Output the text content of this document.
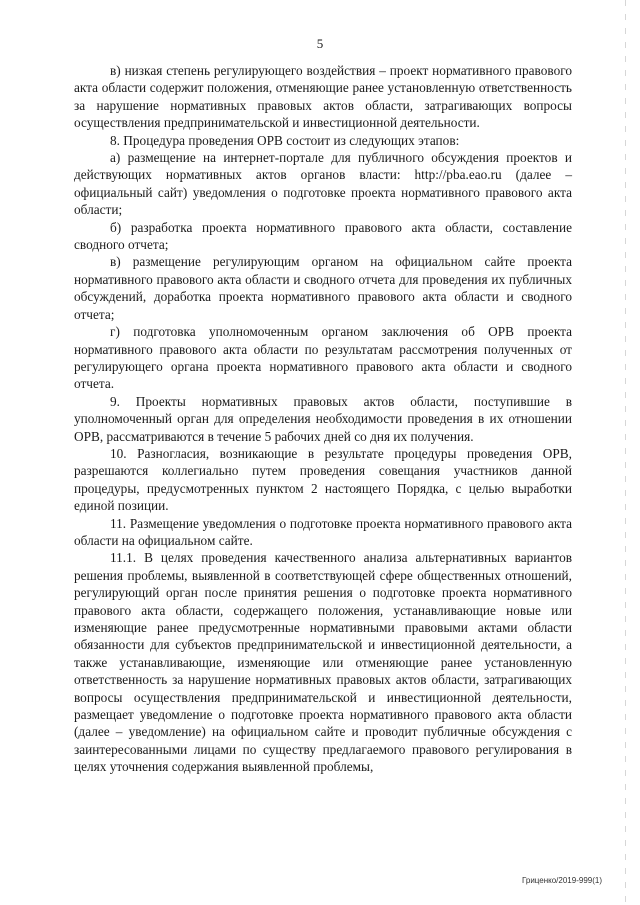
5

в) низкая степень регулирующего воздействия – проект нормативного правового акта области содержит положения, отменяющие ранее установленную ответственность за нарушение нормативных правовых актов области, затрагивающих вопросы осуществления предпринимательской и инвестиционной деятельности.

8. Процедура проведения ОРВ состоит из следующих этапов:

а) размещение на интернет-портале для публичного обсуждения проектов и действующих нормативных актов органов власти: http://pba.eao.ru (далее – официальный сайт) уведомления о подготовке проекта нормативного правового акта области;

б) разработка проекта нормативного правового акта области, составление сводного отчета;

в) размещение регулирующим органом на официальном сайте проекта нормативного правового акта области и сводного отчета для проведения их публичных обсуждений, доработка проекта нормативного правового акта области и сводного отчета;

г) подготовка уполномоченным органом заключения об ОРВ проекта нормативного правового акта области по результатам рассмотрения полученных от регулирующего органа проекта нормативного правового акта области и сводного отчета.

9. Проекты нормативных правовых актов области, поступившие в уполномоченный орган для определения необходимости проведения в их отношении ОРВ, рассматриваются в течение 5 рабочих дней со дня их получения.

10. Разногласия, возникающие в результате процедуры проведения ОРВ, разрешаются коллегиально путем проведения совещания участников данной процедуры, предусмотренных пунктом 2 настоящего Порядка, с целью выработки единой позиции.

11. Размещение уведомления о подготовке проекта нормативного правового акта области на официальном сайте.

11.1. В целях проведения качественного анализа альтернативных вариантов решения проблемы, выявленной в соответствующей сфере общественных отношений, регулирующий орган после принятия решения о подготовке проекта нормативного правового акта области, содержащего положения, устанавливающие новые или изменяющие ранее предусмотренные нормативными правовыми актами области обязанности для субъектов предпринимательской и инвестиционной деятельности, а также устанавливающие, изменяющие или отменяющие ранее установленную ответственность за нарушение нормативных правовых актов области, затрагивающих вопросы осуществления предпринимательской и инвестиционной деятельности, размещает уведомление о подготовке проекта нормативного правового акта области (далее – уведомление) на официальном сайте и проводит публичные обсуждения с заинтересованными лицами по существу предлагаемого правового регулирования в целях уточнения содержания выявленной проблемы,

Гриценко/2019-999(1)
